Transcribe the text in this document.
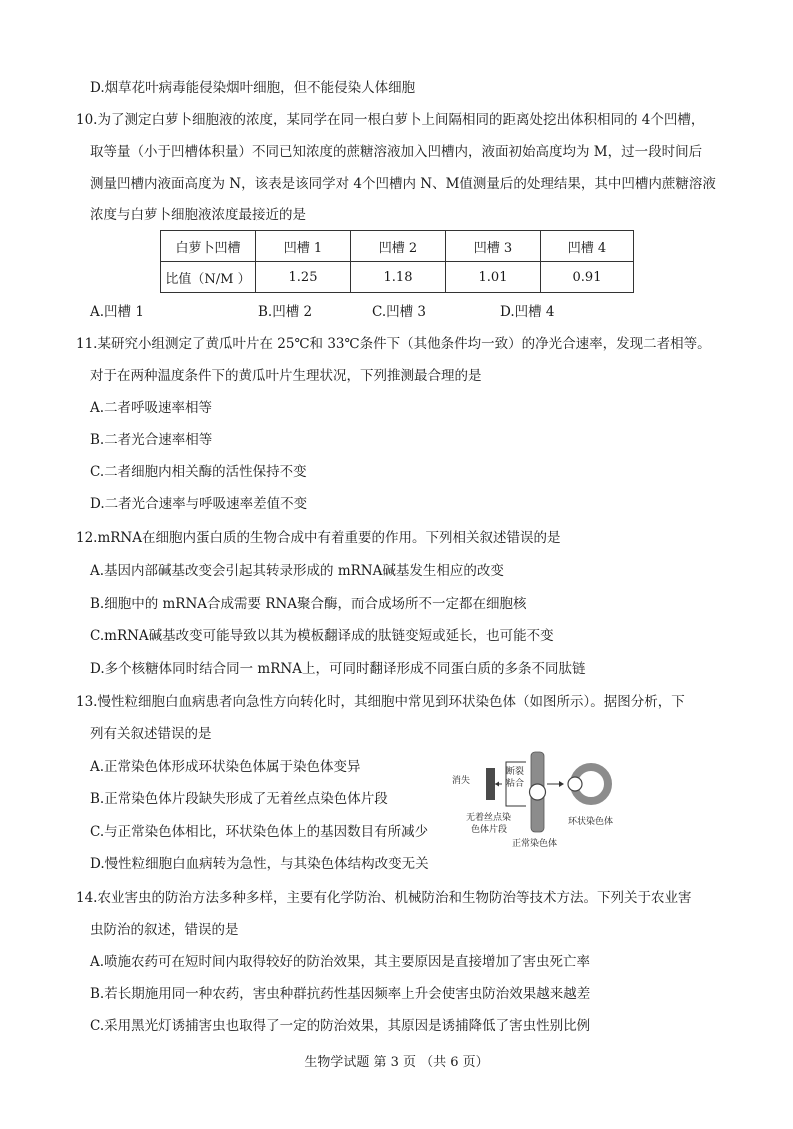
D.烟草花叶病毒能侵染烟叶细胞，但不能侵染人体细胞
10.为了测定白萝卜细胞液的浓度，某同学在同一根白萝卜上间隔相同的距离处挖出体积相同的 4个凹槽，
取等量（小于凹槽体积量）不同已知浓度的蔗糖溶液加入凹槽内，液面初始高度均为 M，过一段时间后
测量凹槽内液面高度为 N，该表是该同学对 4个凹槽内 N、M值测量后的处理结果，其中凹槽内蔗糖溶液
浓度与白萝卜细胞液浓度最接近的是
白萝卜凹槽	凹槽 1	凹槽 2	凹槽 3	凹槽 4
比值（N/M ）	1.25	1.18	1.01	0.91
A.凹槽 1	B.凹槽 2	C.凹槽 3	D.凹槽 4
11.某研究小组测定了黄瓜叶片在 25℃和 33℃条件下（其他条件均一致）的净光合速率，发现二者相等。
对于在两种温度条件下的黄瓜叶片生理状况，下列推测最合理的是
A.二者呼吸速率相等
B.二者光合速率相等
C.二者细胞内相关酶的活性保持不变
D.二者光合速率与呼吸速率差值不变
12.mRNA在细胞内蛋白质的生物合成中有着重要的作用。下列相关叙述错误的是
A.基因内部碱基改变会引起其转录形成的 mRNA碱基发生相应的改变
B.细胞中的 mRNA合成需要 RNA聚合酶，而合成场所不一定都在细胞核
C.mRNA碱基改变可能导致以其为模板翻译成的肽链变短或延长，也可能不变
D.多个核糖体同时结合同一 mRNA上，可同时翻译形成不同蛋白质的多条不同肽链
13.慢性粒细胞白血病患者向急性方向转化时，其细胞中常见到环状染色体（如图所示）。据图分析，下
列有关叙述错误的是
A.正常染色体形成环状染色体属于染色体变异
B.正常染色体片段缺失形成了无着丝点染色体片段
C.与正常染色体相比，环状染色体上的基因数目有所减少
D.慢性粒细胞白血病转为急性，与其染色体结构改变无关
消失
断裂
粘合
无着丝点染
色体片段
正常染色体
环状染色体
14.农业害虫的防治方法多种多样，主要有化学防治、机械防治和生物防治等技术方法。下列关于农业害
虫防治的叙述，错误的是
A.喷施农药可在短时间内取得较好的防治效果，其主要原因是直接增加了害虫死亡率
B.若长期施用同一种农药，害虫种群抗药性基因频率上升会使害虫防治效果越来越差
C.采用黑光灯诱捕害虫也取得了一定的防治效果，其原因是诱捕降低了害虫性别比例
生物学试题 第 3 页 （共 6 页）
